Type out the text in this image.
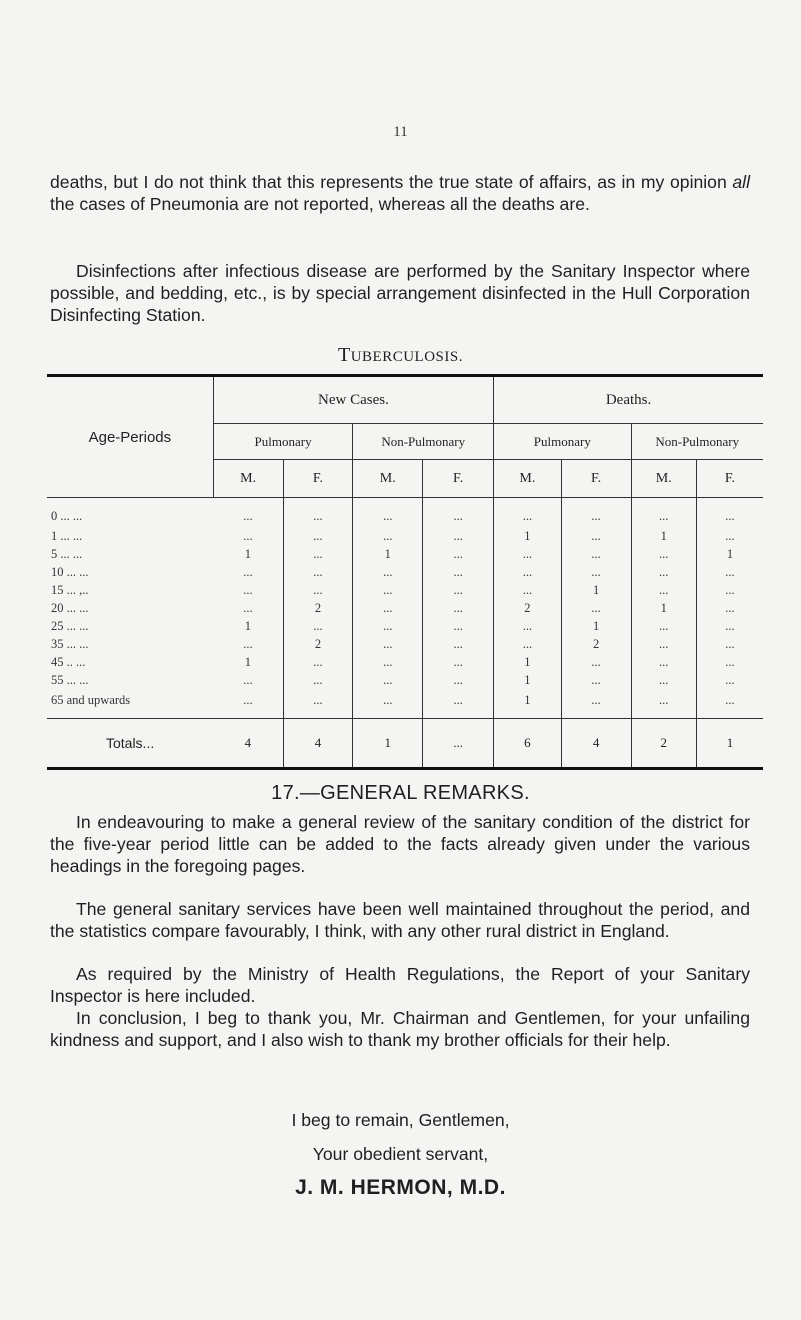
11

deaths, but I do not think that this represents the true state of affairs, as in my opinion all the cases of Pneumonia are not reported, whereas all the deaths are.

Disinfections after infectious disease are performed by the Sanitary Inspector where possible, and bedding, etc., is by special arrangement disinfected in the Hull Corporation Disinfecting Station.

TUBERCULOSIS.
Age-Periods	New Cases.				Deaths.			
	Pulmonary		Non-Pulmonary		Pulmonary		Non-Pulmonary	
	M.	F.	M.	F.	M.	F.	M.	F.
0 ... ...	...	...	...	...	...	...	...	...
1 ... ...	...	...	...	...	1	...	1	...
5 ... ...	1	...	1	...	...	...	...	1
10 ... ...	...	...	...	...	...	...	...	...
15 ... ,..	...	...	...	...	...	1	...	...
20 ... ...	...	2	...	...	2	...	1	...
25 ... ...	1	...	...	...	...	1	...	...
35 ... ...	...	2	...	...	...	2	...	...
45 .. ...	1	...	...	...	1	...	...	...
55 ... ...	...	...	...	...	1	...	...	...
65 and upwards	...	...	...	...	1	...	...	...
Totals...	4	4	1	...	6	4	2	1
17.—GENERAL REMARKS.

In endeavouring to make a general review of the sanitary condition of the district for the five-year period little can be added to the facts already given under the various headings in the foregoing pages.

The general sanitary services have been well maintained throughout the period, and the statistics compare favourably, I think, with any other rural district in England.

As required by the Ministry of Health Regulations, the Report of your Sanitary Inspector is here included.

In conclusion, I beg to thank you, Mr. Chairman and Gentlemen, for your unfailing kindness and support, and I also wish to thank my brother officials for their help.

I beg to remain, Gentlemen,
Your obedient servant,
J. M. HERMON, M.D.
